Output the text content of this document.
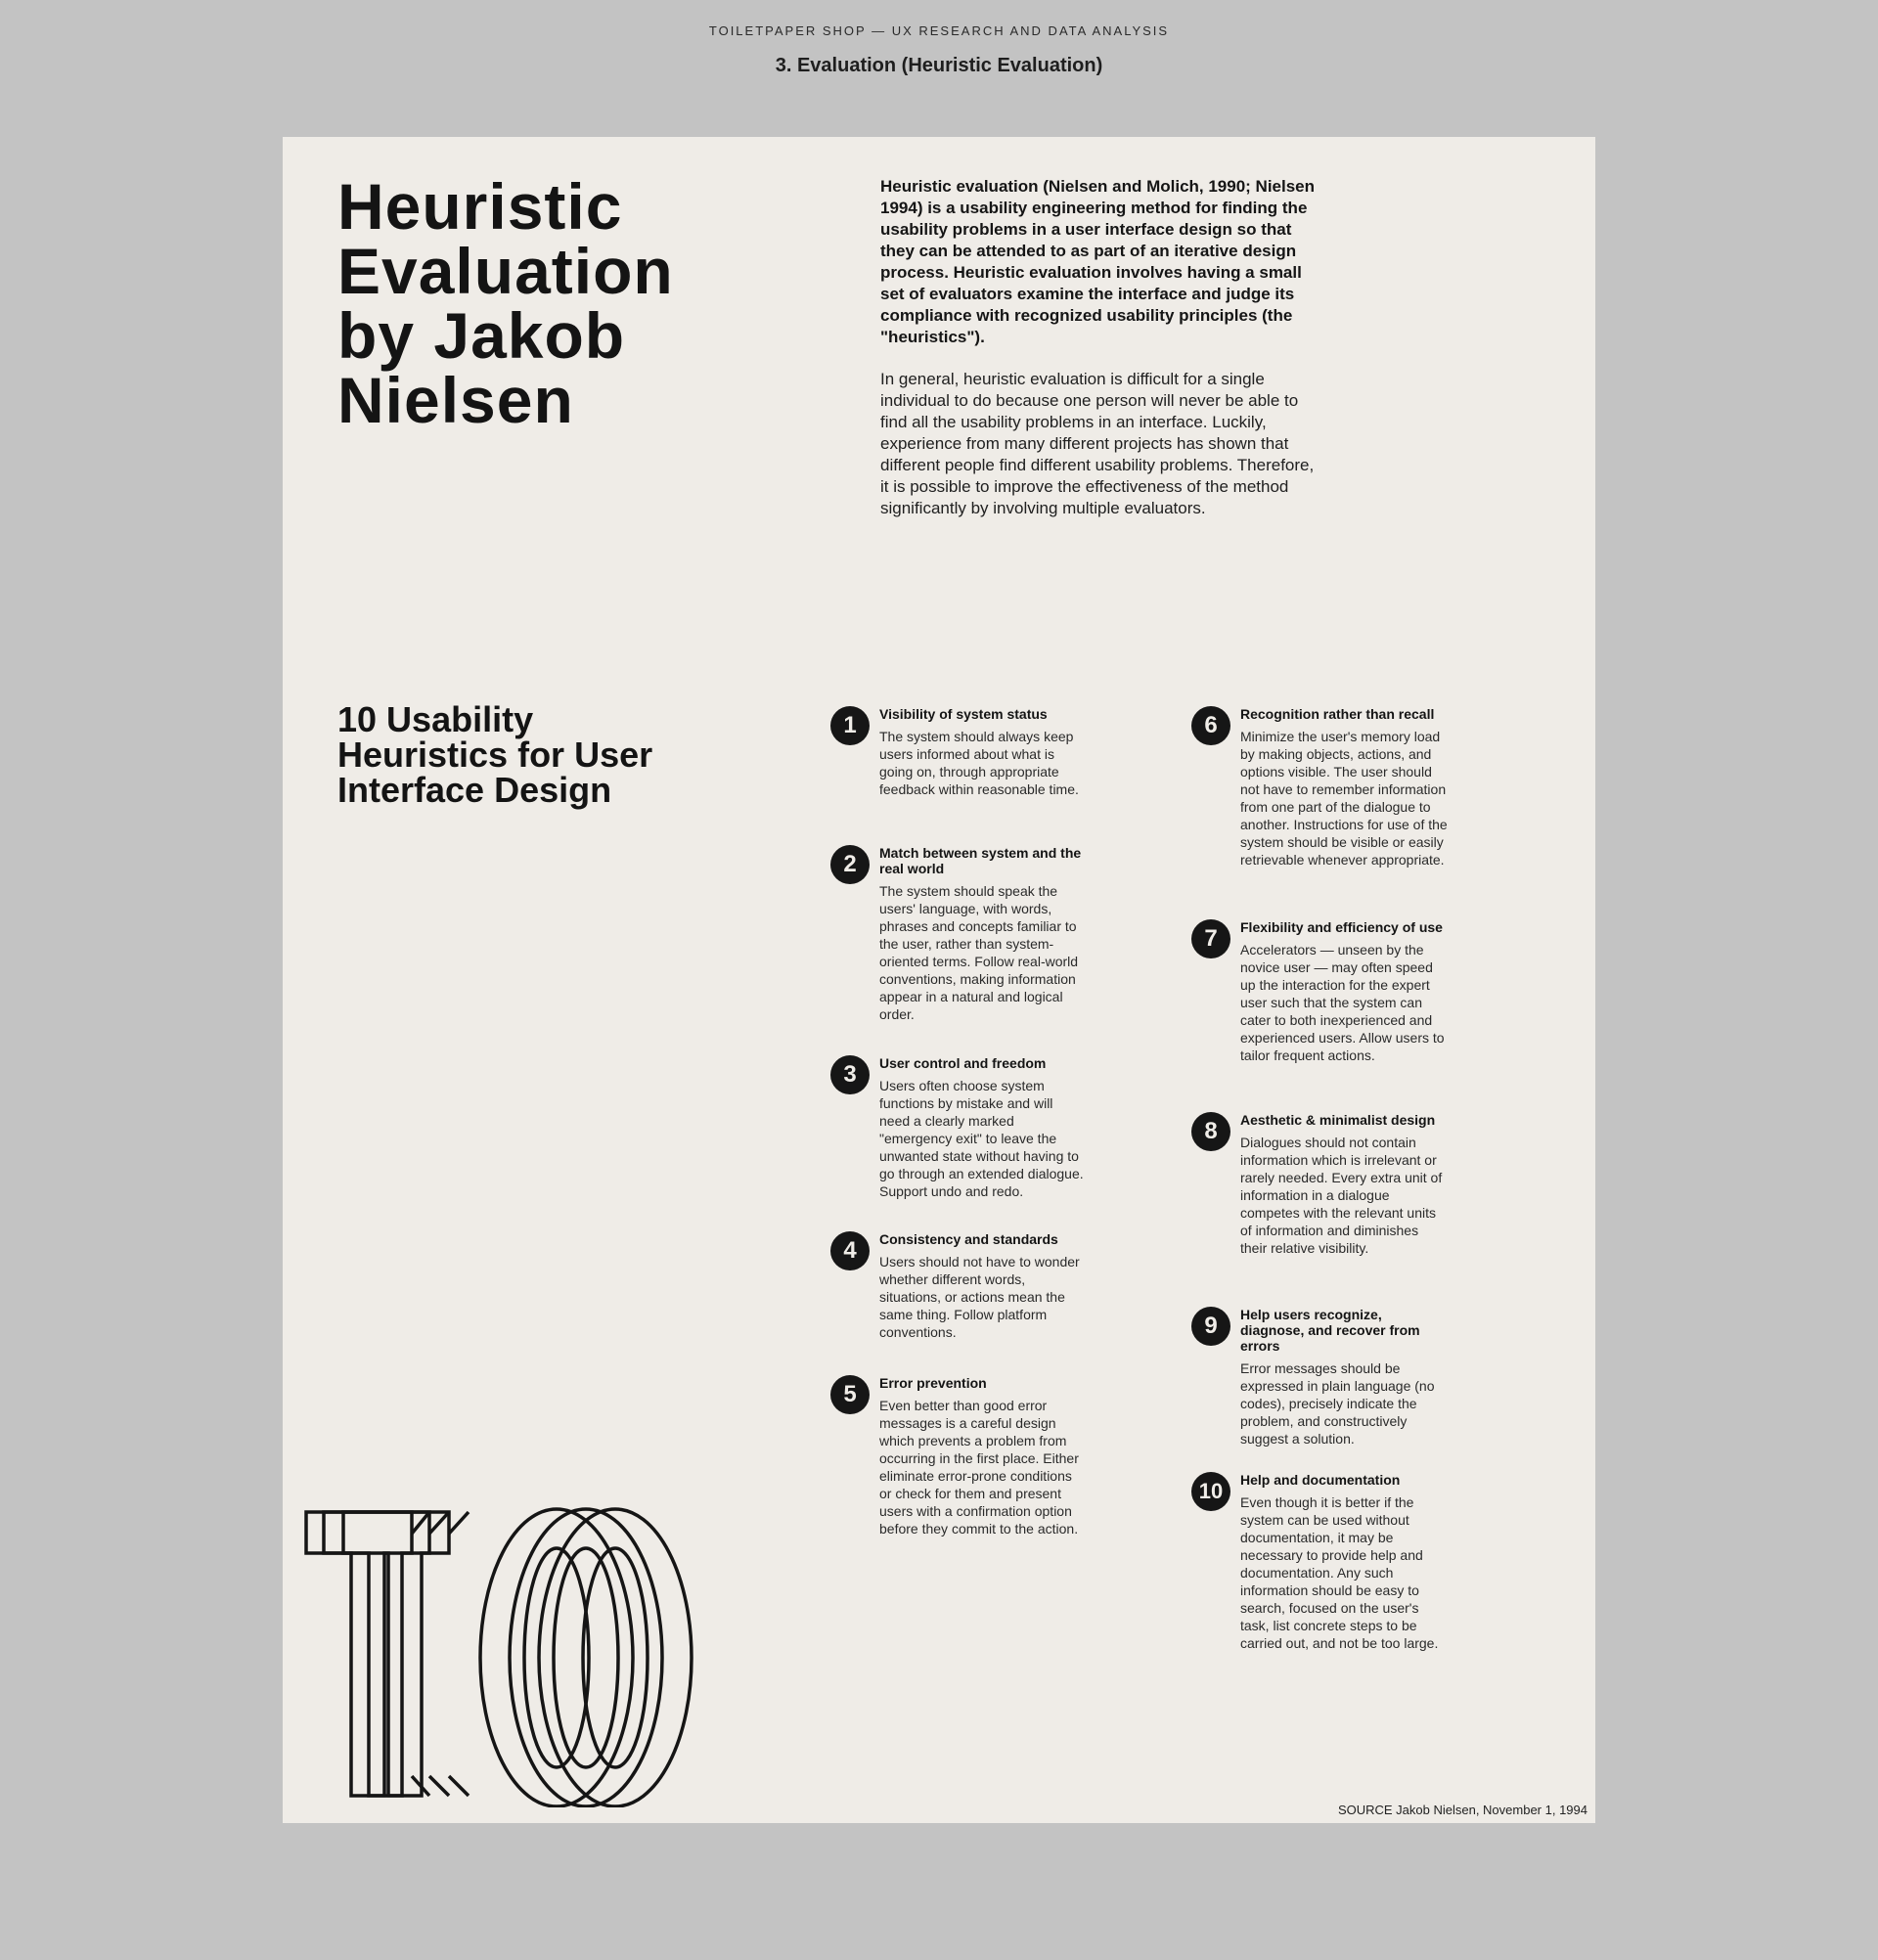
TOILETPAPER SHOP — UX RESEARCH AND DATA ANALYSIS
3. Evaluation (Heuristic Evaluation)
Heuristic
Evaluation
by Jakob
Nielsen

Heuristic evaluation (Nielsen and Molich, 1990; Nielsen 1994) is a usability engineering method for finding the usability problems in a user interface design so that they can be attended to as part of an iterative design process. Heuristic evaluation involves having a small set of evaluators examine the interface and judge its compliance with recognized usability principles (the "heuristics").

In general, heuristic evaluation is difficult for a single individual to do because one person will never be able to find all the usability problems in an interface. Luckily, experience from many different projects has shown that different people find different usability problems. Therefore, it is possible to improve the effectiveness of the method significantly by involving multiple evaluators.

10 Usability
Heuristics for User
Interface Design
1	Visibility of system status

The system should always keep users informed about what is going on, through appropriate feedback within reasonable time.

2	Match between system and the real world

The system should speak the users' language, with words, phrases and concepts familiar to the user, rather than system-oriented terms. Follow real-world conventions, making information appear in a natural and logical order.

3	User control and freedom

Users often choose system functions by mistake and will need a clearly marked "emergency exit" to leave the unwanted state without having to go through an extended dialogue. Support undo and redo.

4	Consistency and standards

Users should not have to wonder whether different words, situations, or actions mean the same thing. Follow platform conventions.

5	Error prevention

Even better than good error messages is a careful design which prevents a problem from occurring in the first place. Either eliminate error-prone conditions or check for them and present users with a confirmation option before they commit to the action.

6	Recognition rather than recall

Minimize the user's memory load by making objects, actions, and options visible. The user should not have to remember information from one part of the dialogue to another. Instructions for use of the system should be visible or easily retrievable whenever appropriate.

7	Flexibility and efficiency of use

Accelerators — unseen by the novice user — may often speed up the interaction for the expert user such that the system can cater to both inexperienced and experienced users. Allow users to tailor frequent actions.

8	Aesthetic & minimalist design

Dialogues should not contain information which is irrelevant or rarely needed. Every extra unit of information in a dialogue competes with the relevant units of information and diminishes their relative visibility.

9	Help users recognize, diagnose, and recover from errors

Error messages should be expressed in plain language (no codes), precisely indicate the problem, and constructively suggest a solution.

10	Help and documentation

Even though it is better if the system can be used without documentation, it may be necessary to provide help and documentation. Any such information should be easy to search, focused on the user's task, list concrete steps to be carried out, and not be too large.

SOURCE Jakob Nielsen, November 1, 1994
